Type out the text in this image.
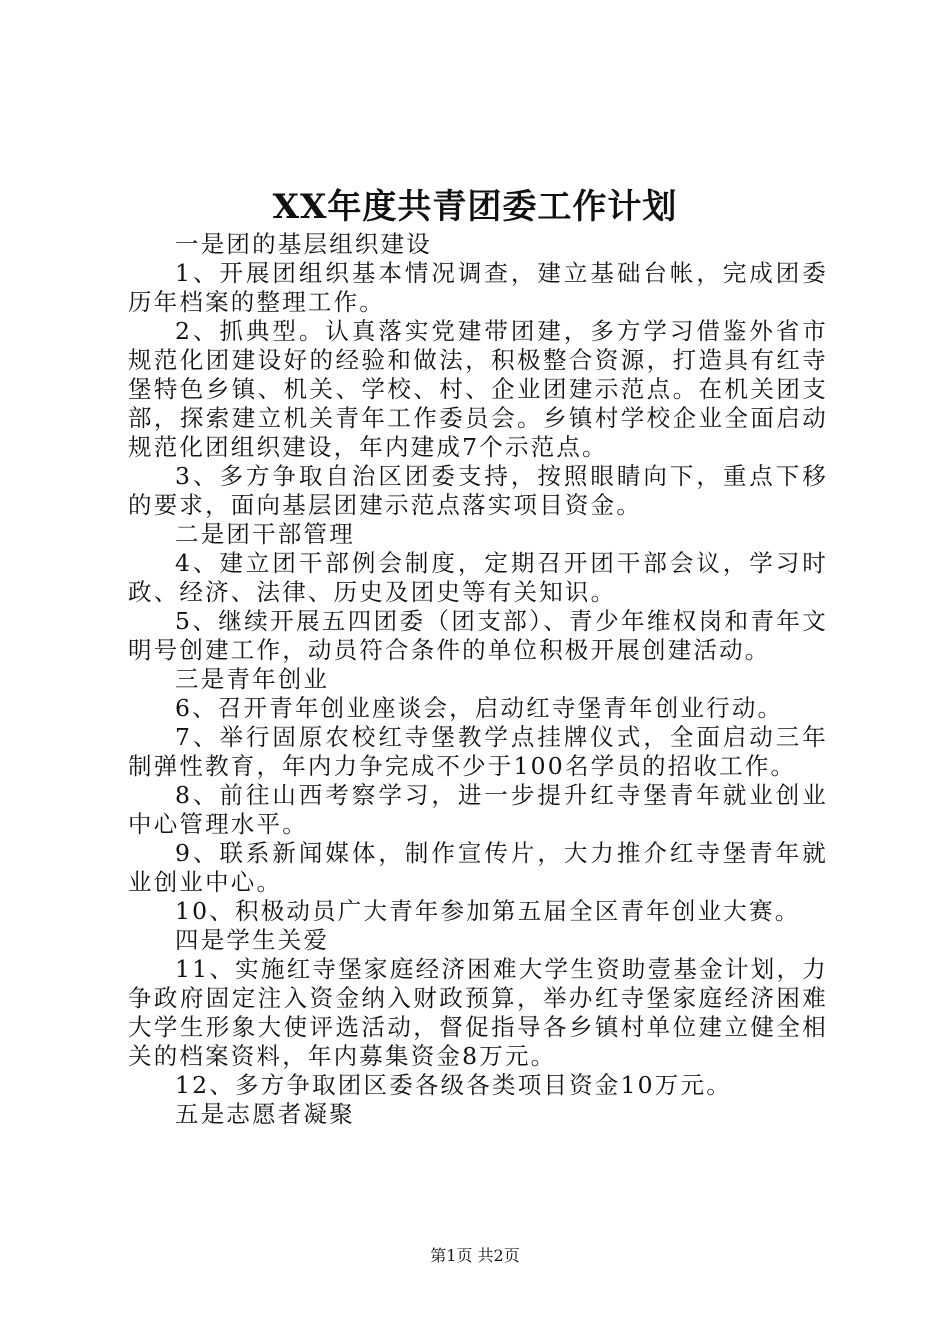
XX年度共青团委工作计划

一是团的基层组织建设

1、开展团组织基本情况调查，建立基础台帐，完成团委历年档案的整理工作。

2、抓典型。认真落实党建带团建，多方学习借鉴外省市规范化团建设好的经验和做法，积极整合资源，打造具有红寺堡特色乡镇、机关、学校、村、企业团建示范点。在机关团支部，探索建立机关青年工作委员会。乡镇村学校企业全面启动规范化团组织建设，年内建成7个示范点。

3、多方争取自治区团委支持，按照眼睛向下，重点下移的要求，面向基层团建示范点落实项目资金。

二是团干部管理

4、建立团干部例会制度，定期召开团干部会议，学习时政、经济、法律、历史及团史等有关知识。

5、继续开展五四团委（团支部）、青少年维权岗和青年文明号创建工作，动员符合条件的单位积极开展创建活动。

三是青年创业

6、召开青年创业座谈会，启动红寺堡青年创业行动。

7、举行固原农校红寺堡教学点挂牌仪式，全面启动三年制弹性教育，年内力争完成不少于100名学员的招收工作。

8、前往山西考察学习，进一步提升红寺堡青年就业创业中心管理水平。

9、联系新闻媒体，制作宣传片，大力推介红寺堡青年就业创业中心。

10、积极动员广大青年参加第五届全区青年创业大赛。

四是学生关爱

11、实施红寺堡家庭经济困难大学生资助壹基金计划，力争政府固定注入资金纳入财政预算，举办红寺堡家庭经济困难大学生形象大使评选活动，督促指导各乡镇村单位建立健全相关的档案资料，年内募集资金8万元。

12、多方争取团区委各级各类项目资金10万元。

五是志愿者凝聚

第1页 共2页
